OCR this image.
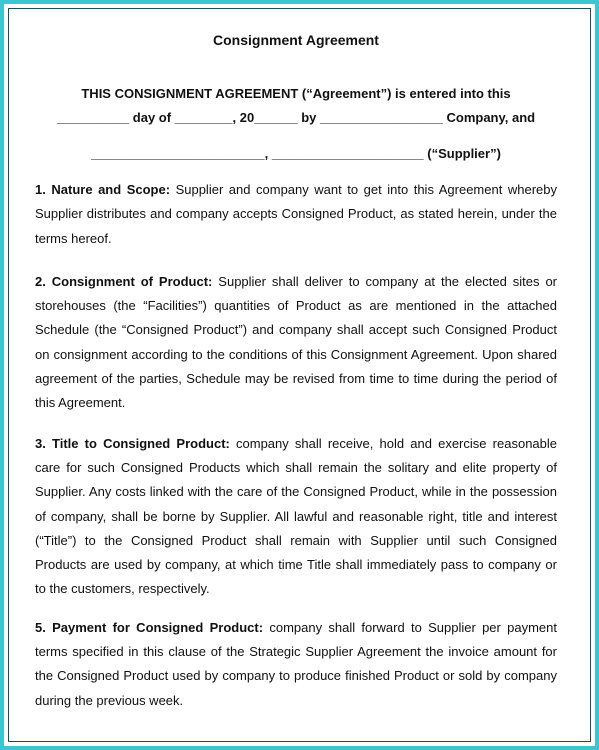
Consignment Agreement
THIS CONSIGNMENT AGREEMENT (“Agreement”) is entered into this
__________ day of ________, 20______ by _________________ Company, and
________________________, _____________________ (“Supplier”)

1. Nature and Scope: Supplier and company want to get into this Agreement whereby Supplier distributes and company accepts Consigned Product, as stated herein, under the terms hereof.

2. Consignment of Product: Supplier shall deliver to company at the elected sites or storehouses (the “Facilities”) quantities of Product as are mentioned in the attached Schedule (the “Consigned Product”) and company shall accept such Consigned Product on consignment according to the conditions of this Consignment Agreement. Upon shared agreement of the parties, Schedule may be revised from time to time during the period of this Agreement.

3. Title to Consigned Product: company shall receive, hold and exercise reasonable care for such Consigned Products which shall remain the solitary and elite property of Supplier. Any costs linked with the care of the Consigned Product, while in the possession of company, shall be borne by Supplier. All lawful and reasonable right, title and interest (“Title”) to the Consigned Product shall remain with Supplier until such Consigned Products are used by company, at which time Title shall immediately pass to company or to the customers, respectively.

5. Payment for Consigned Product: company shall forward to Supplier per payment terms specified in this clause of the Strategic Supplier Agreement the invoice amount for the Consigned Product used by company to produce finished Product or sold by company during the previous week.
